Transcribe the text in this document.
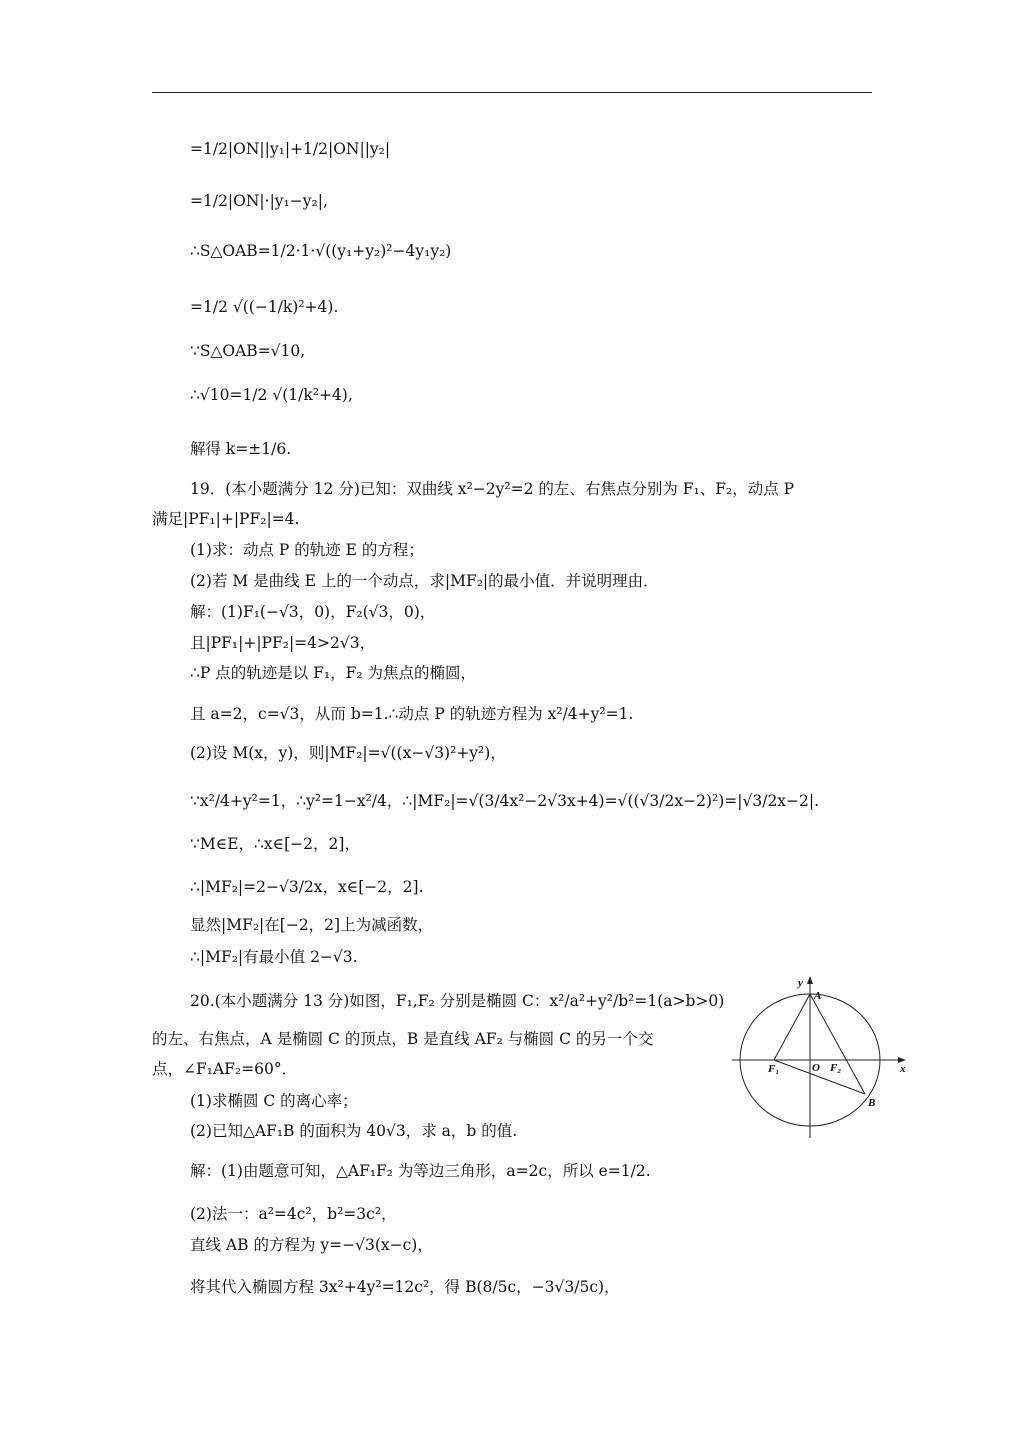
=1/2|ON||y₁|+1/2|ON||y₂|
=1/2|ON|·|y₁−y₂|,
∴S△OAB=1/2·1·√((y₁+y₂)²−4y₁y₂)
=1/2 √((−1/k)²+4).
∵S△OAB=√10,
∴√10=1/2 √(1/k²+4),
解得 k=±1/6.
19．(本小题满分 12 分)已知：双曲线 x²−2y²=2 的左、右焦点分别为 F₁、F₂，动点 P
满足|PF₁|+|PF₂|=4.
(1)求：动点 P 的轨迹 E 的方程；
(2)若 M 是曲线 E 上的一个动点，求|MF₂|的最小值．并说明理由．
解：(1)F₁(−√3，0)，F₂(√3，0)，
且|PF₁|+|PF₂|=4>2√3，
∴P 点的轨迹是以 F₁，F₂ 为焦点的椭圆，
且 a=2，c=√3，从而 b=1.∴动点 P 的轨迹方程为 x²/4+y²=1.
(2)设 M(x，y)，则|MF₂|=√((x−√3)²+y²)，
∵x²/4+y²=1，∴y²=1−x²/4，∴|MF₂|=√(3/4x²−2√3x+4)=√((√3/2x−2)²)=|√3/2x−2|.
∵M∈E，∴x∈[−2，2]，
∴|MF₂|=2−√3/2x，x∈[−2，2].
显然|MF₂|在[−2，2]上为减函数，
∴|MF₂|有最小值 2−√3.
20.(本小题满分 13 分)如图，F₁,F₂ 分别是椭圆 C：x²/a²+y²/b²=1(a>b>0)
的左、右焦点，A 是椭圆 C 的顶点，B 是直线 AF₂ 与椭圆 C 的另一个交
点，∠F₁AF₂=60°．
(1)求椭圆 C 的离心率；
(2)已知△AF₁B 的面积为 40√3，求 a，b 的值.
解：(1)由题意可知，△AF₁F₂ 为等边三角形，a=2c，所以 e=1/2.
(2)法一：a²=4c²，b²=3c²，
直线 AB 的方程为 y=−√3(x−c)，
将其代入椭圆方程 3x²+4y²=12c²，得 B(8/5c，−3√3/5c)，
y
x
A
B
O
F₁	F₂
